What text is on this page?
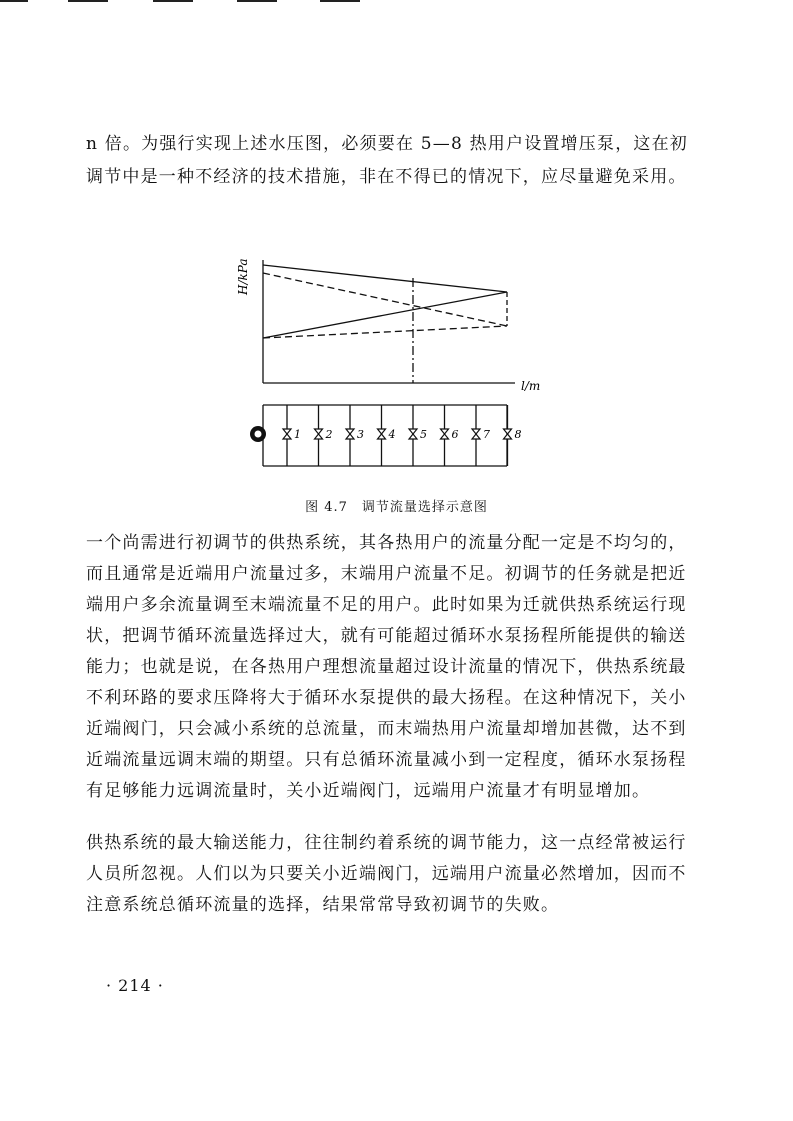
n 倍。为强行实现上述水压图，必须要在 5—8 热用户设置增压泵，这在初调节中是一种不经济的技术措施，非在不得已的情况下，应尽量避免采用。
1 2 3 4 5 6 7 8
H/kPa
l/m
图 4.7　调节流量选择示意图
一个尚需进行初调节的供热系统，其各热用户的流量分配一定是不均匀的，而且通常是近端用户流量过多，末端用户流量不足。初调节的任务就是把近端用户多余流量调至末端流量不足的用户。此时如果为迁就供热系统运行现状，把调节循环流量选择过大，就有可能超过循环水泵扬程所能提供的输送能力；也就是说，在各热用户理想流量超过设计流量的情况下，供热系统最不利环路的要求压降将大于循环水泵提供的最大扬程。在这种情况下，关小近端阀门，只会减小系统的总流量，而末端热用户流量却增加甚微，达不到近端流量远调末端的期望。只有总循环流量减小到一定程度，循环水泵扬程有足够能力远调流量时，关小近端阀门，远端用户流量才有明显增加。
供热系统的最大输送能力，往往制约着系统的调节能力，这一点经常被运行人员所忽视。人们以为只要关小近端阀门，远端用户流量必然增加，因而不注意系统总循环流量的选择，结果常常导致初调节的失败。
· 214 ·
